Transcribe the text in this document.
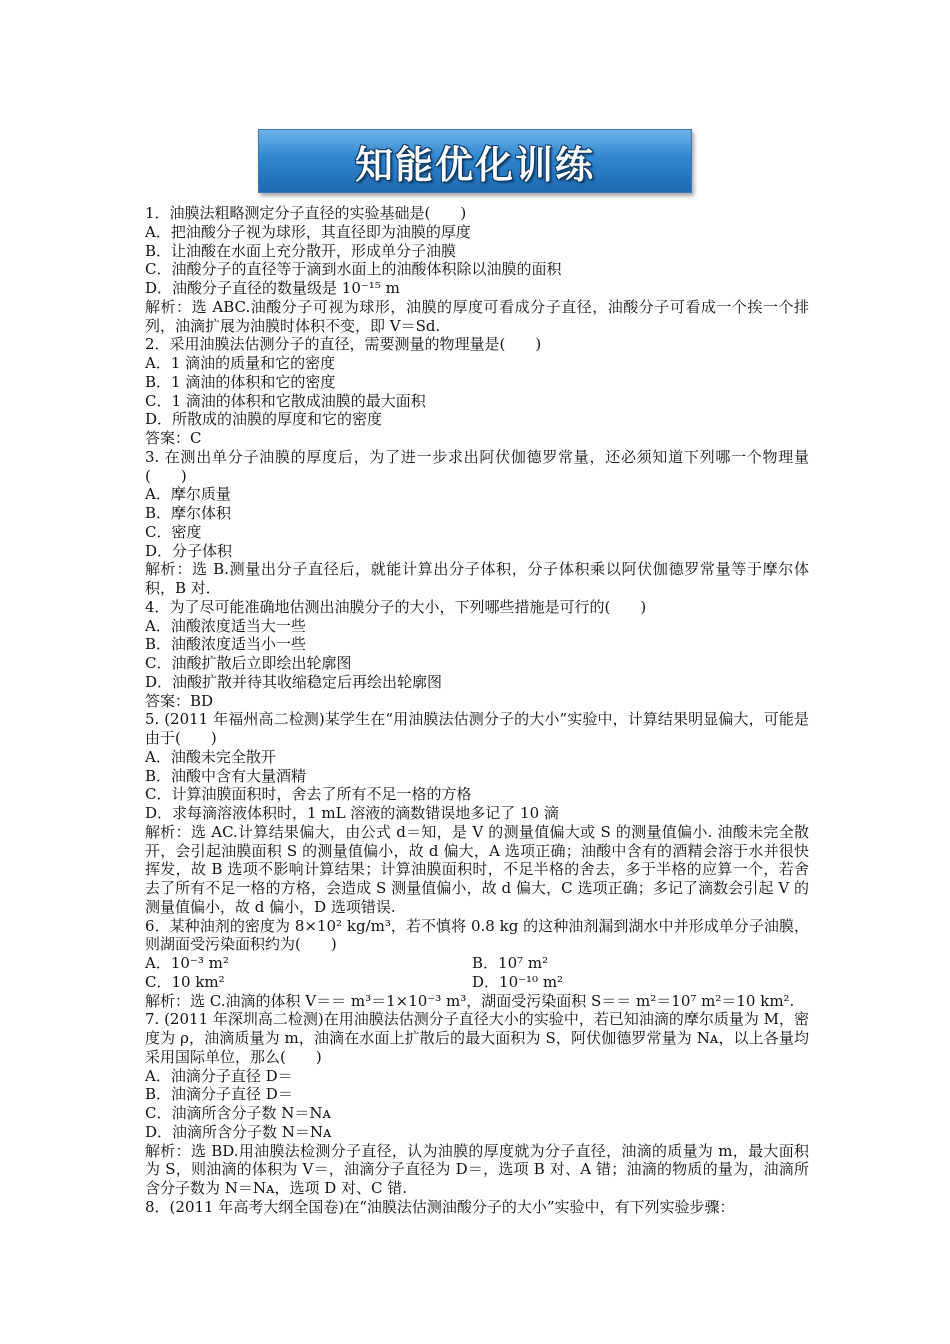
知能优化训练
1．油膜法粗略测定分子直径的实验基础是(　　)
A．把油酸分子视为球形，其直径即为油膜的厚度
B．让油酸在水面上充分散开，形成单分子油膜
C．油酸分子的直径等于滴到水面上的油酸体积除以油膜的面积
D．油酸分子直径的数量级是 10⁻¹⁵ m
解析：选 ABC.油酸分子可视为球形，油膜的厚度可看成分子直径，油酸分子可看成一个挨一个排列，油滴扩展为油膜时体积不变，即 V＝Sd.
2．采用油膜法估测分子的直径，需要测量的物理量是(　　)
A．1 滴油的质量和它的密度
B．1 滴油的体积和它的密度
C．1 滴油的体积和它散成油膜的最大面积
D．所散成的油膜的厚度和它的密度
答案：C
3. 在测出单分子油膜的厚度后，为了进一步求出阿伏伽德罗常量，还必须知道下列哪一个物理量(　　)
A．摩尔质量
B．摩尔体积
C．密度
D．分子体积
解析：选 B.测量出分子直径后，就能计算出分子体积，分子体积乘以阿伏伽德罗常量等于摩尔体积，B 对．
4．为了尽可能准确地估测出油膜分子的大小，下列哪些措施是可行的(　　)
A．油酸浓度适当大一些
B．油酸浓度适当小一些
C．油酸扩散后立即绘出轮廓图
D．油酸扩散并待其收缩稳定后再绘出轮廓图
答案：BD
5. (2011 年福州高二检测)某学生在“用油膜法估测分子的大小”实验中，计算结果明显偏大，可能是由于(　　)
A．油酸未完全散开
B．油酸中含有大量酒精
C．计算油膜面积时，舍去了所有不足一格的方格
D．求每滴溶液体积时，1 mL 溶液的滴数错误地多记了 10 滴
解析：选 AC.计算结果偏大，由公式 d＝知，是 V 的测量值偏大或 S 的测量值偏小. 油酸未完全散开，会引起油膜面积 S 的测量值偏小，故 d 偏大，A 选项正确；油酸中含有的酒精会溶于水并很快挥发，故 B 选项不影响计算结果；计算油膜面积时，不足半格的舍去，多于半格的应算一个，若舍去了所有不足一格的方格，会造成 S 测量值偏小，故 d 偏大，C 选项正确；多记了滴数会引起 V 的测量值偏小，故 d 偏小，D 选项错误.
6．某种油剂的密度为 8×10² kg/m³，若不慎将 0.8 kg 的这种油剂漏到湖水中并形成单分子油膜，则湖面受污染面积约为(　　)
A．10⁻³ m²	B．10⁷ m²
C．10 km²	D．10⁻¹⁰ m²
解析：选 C.油滴的体积 V＝＝ m³＝1×10⁻³ m³，湖面受污染面积 S＝＝ m²＝10⁷ m²＝10 km².
7. (2011 年深圳高二检测)在用油膜法估测分子直径大小的实验中，若已知油滴的摩尔质量为 M，密度为 ρ，油滴质量为 m，油滴在水面上扩散后的最大面积为 S，阿伏伽德罗常量为 Nᴀ，以上各量均采用国际单位，那么(　　)
A．油滴分子直径 D＝
B．油滴分子直径 D＝
C．油滴所含分子数 N＝Nᴀ
D．油滴所含分子数 N＝Nᴀ
解析：选 BD.用油膜法检测分子直径，认为油膜的厚度就为分子直径，油滴的质量为 m，最大面积为 S，则油滴的体积为 V＝，油滴分子直径为 D＝，选项 B 对、A 错；油滴的物质的量为，油滴所含分子数为 N＝Nᴀ，选项 D 对、C 错.
8．(2011 年高考大纲全国卷)在“油膜法估测油酸分子的大小”实验中，有下列实验步骤：
